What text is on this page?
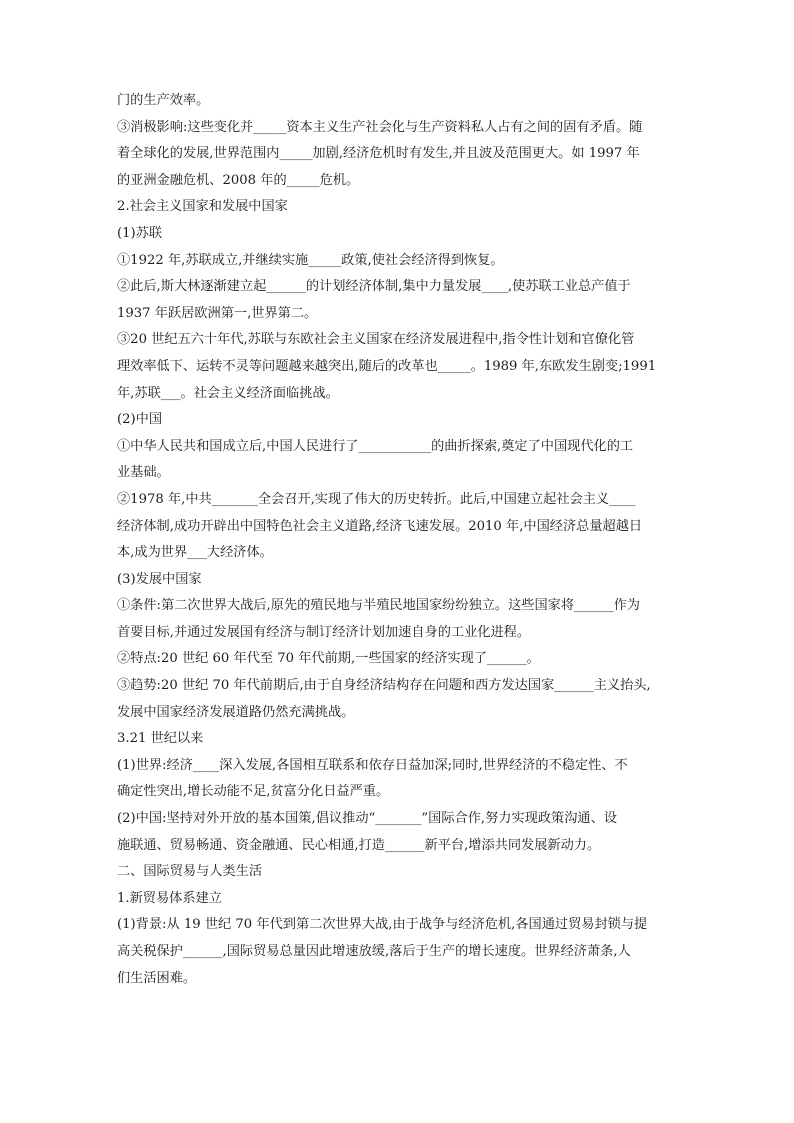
门的生产效率。
③消极影响:这些变化并_____资本主义生产社会化与生产资料私人占有之间的固有矛盾。随
着全球化的发展,世界范围内_____加剧,经济危机时有发生,并且波及范围更大。如 1997 年
的亚洲金融危机、2008 年的_____危机。
2.社会主义国家和发展中国家
(1)苏联
①1922 年,苏联成立,并继续实施_____政策,使社会经济得到恢复。
②此后,斯大林逐渐建立起______的计划经济体制,集中力量发展____,使苏联工业总产值于
1937 年跃居欧洲第一,世界第二。
③20 世纪五六十年代,苏联与东欧社会主义国家在经济发展进程中,指令性计划和官僚化管
理效率低下、运转不灵等问题越来越突出,随后的改革也_____。1989 年,东欧发生剧变;1991
年,苏联___。社会主义经济面临挑战。
(2)中国
①中华人民共和国成立后,中国人民进行了___________的曲折探索,奠定了中国现代化的工
业基础。
②1978 年,中共_______全会召开,实现了伟大的历史转折。此后,中国建立起社会主义____
经济体制,成功开辟出中国特色社会主义道路,经济飞速发展。2010 年,中国经济总量超越日
本,成为世界___大经济体。
(3)发展中国家
①条件:第二次世界大战后,原先的殖民地与半殖民地国家纷纷独立。这些国家将______作为
首要目标,并通过发展国有经济与制订经济计划加速自身的工业化进程。
②特点:20 世纪 60 年代至 70 年代前期,一些国家的经济实现了______。
③趋势:20 世纪 70 年代前期后,由于自身经济结构存在问题和西方发达国家______主义抬头,
发展中国家经济发展道路仍然充满挑战。
3.21 世纪以来
(1)世界:经济____深入发展,各国相互联系和依存日益加深;同时,世界经济的不稳定性、不
确定性突出,增长动能不足,贫富分化日益严重。
(2)中国:坚持对外开放的基本国策,倡议推动“_______”国际合作,努力实现政策沟通、设
施联通、贸易畅通、资金融通、民心相通,打造______新平台,增添共同发展新动力。
二、国际贸易与人类生活
1.新贸易体系建立
(1)背景:从 19 世纪 70 年代到第二次世界大战,由于战争与经济危机,各国通过贸易封锁与提
高关税保护______,国际贸易总量因此增速放缓,落后于生产的增长速度。世界经济萧条,人
们生活困难。
